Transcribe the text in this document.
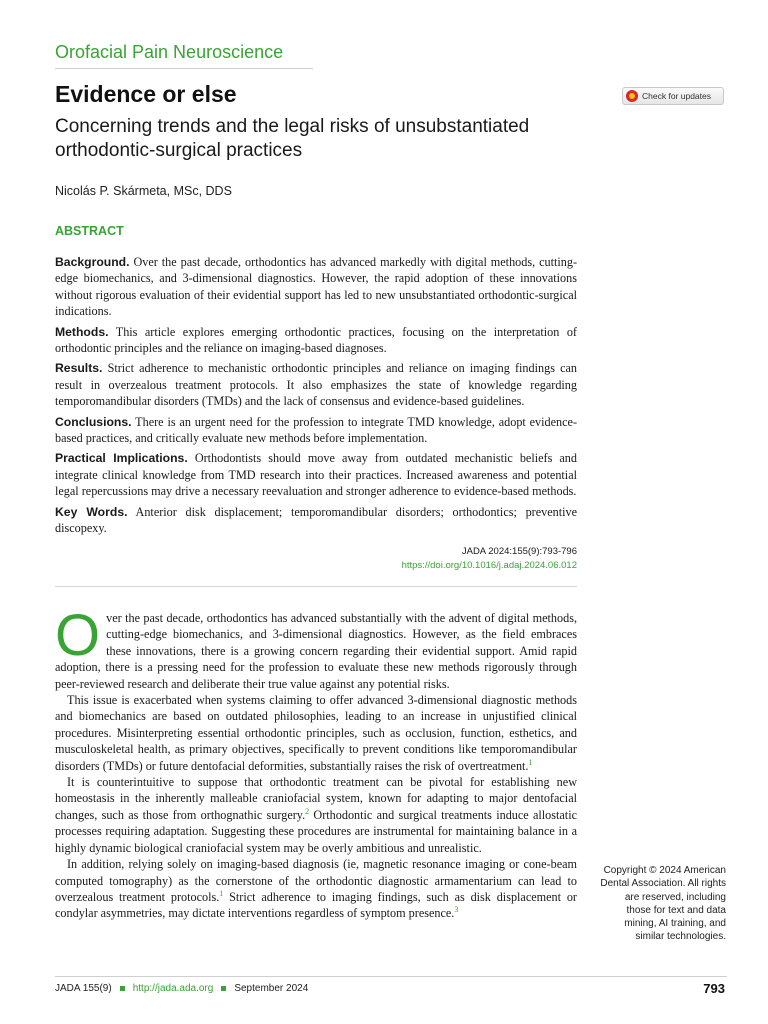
Orofacial Pain Neuroscience
Evidence or else
Concerning trends and the legal risks of unsubstantiated orthodontic-surgical practices
Nicolás P. Skármeta, MSc, DDS
ABSTRACT
Check for updates

Background. Over the past decade, orthodontics has advanced markedly with digital methods, cutting-edge biomechanics, and 3-dimensional diagnostics. However, the rapid adoption of these innovations without rigorous evaluation of their evidential support has led to new unsubstantiated orthodontic-surgical indications.

Methods. This article explores emerging orthodontic practices, focusing on the interpretation of orthodontic principles and the reliance on imaging-based diagnoses.

Results. Strict adherence to mechanistic orthodontic principles and reliance on imaging findings can result in overzealous treatment protocols. It also emphasizes the state of knowledge regarding temporomandibular disorders (TMDs) and the lack of consensus and evidence-based guidelines.

Conclusions. There is an urgent need for the profession to integrate TMD knowledge, adopt evidence-based practices, and critically evaluate new methods before implementation.

Practical Implications. Orthodontists should move away from outdated mechanistic beliefs and integrate clinical knowledge from TMD research into their practices. Increased awareness and potential legal repercussions may drive a necessary reevaluation and stronger adherence to evidence-based methods.

Key Words. Anterior disk displacement; temporomandibular disorders; orthodontics; preventive discopexy.

JADA 2024:155(9):793-796
https://doi.org/10.1016/j.adaj.2024.06.012

Over the past decade, orthodontics has advanced substantially with the advent of digital methods, cutting-edge biomechanics, and 3-dimensional diagnostics. However, as the field embraces these innovations, there is a growing concern regarding their evidential support. Amid rapid adoption, there is a pressing need for the profession to evaluate these new methods rigorously through peer-reviewed research and deliberate their true value against any potential risks.

This issue is exacerbated when systems claiming to offer advanced 3-dimensional diagnostic methods and biomechanics are based on outdated philosophies, leading to an increase in unjustified clinical procedures. Misinterpreting essential orthodontic principles, such as occlusion, function, esthetics, and musculoskeletal health, as primary objectives, specifically to prevent conditions like temporomandibular disorders (TMDs) or future dentofacial deformities, substantially raises the risk of overtreatment.$^1$

It is counterintuitive to suppose that orthodontic treatment can be pivotal for establishing new homeostasis in the inherently malleable craniofacial system, known for adapting to major dentofacial changes, such as those from orthognathic surgery.$^2$ Orthodontic and surgical treatments induce allostatic processes requiring adaptation. Suggesting these procedures are instrumental for maintaining balance in a highly dynamic biological craniofacial system may be overly ambitious and unrealistic.

In addition, relying solely on imaging-based diagnosis (ie, magnetic resonance imaging or cone-beam computed tomography) as the cornerstone of the orthodontic diagnostic armamentarium can lead to overzealous treatment protocols.$^1$ Strict adherence to imaging findings, such as disk displacement or condylar asymmetries, may dictate interventions regardless of symptom presence.$^3$

Copyright © 2024 American Dental Association. All rights are reserved, including those for text and data mining, AI training, and similar technologies.
JADA 155(9) http://jada.ada.org September 2024	793
